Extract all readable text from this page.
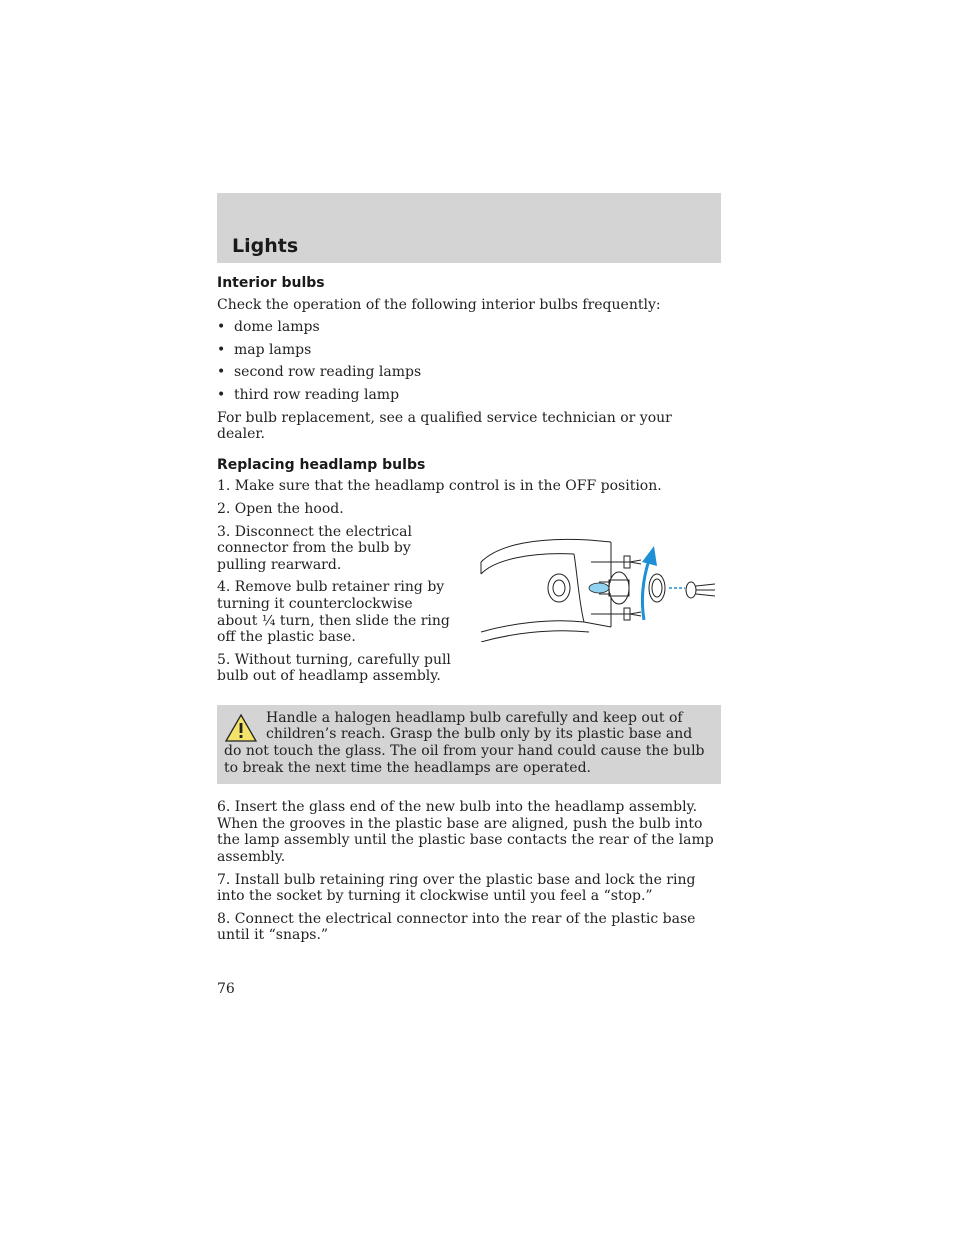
Lights
Interior bulbs

Check the operation of the following interior bulbs frequently:

• dome lamps
• map lamps
• second row reading lamps
• third row reading lamp

For bulb replacement, see a qualified service technician or your dealer.

Replacing headlamp bulbs

1. Make sure that the headlamp control is in the OFF position.

2. Open the hood.

3. Disconnect the electrical connector from the bulb by pulling rearward.

4. Remove bulb retainer ring by turning it counterclockwise about ¼ turn, then slide the ring off the plastic base.

5. Without turning, carefully pull bulb out of headlamp assembly.

Handle a halogen headlamp bulb carefully and keep out of children’s reach. Grasp the bulb only by its plastic base and do not touch the glass. The oil from your hand could cause the bulb to break the next time the headlamps are operated.

6. Insert the glass end of the new bulb into the headlamp assembly. When the grooves in the plastic base are aligned, push the bulb into the lamp assembly until the plastic base contacts the rear of the lamp assembly.

7. Install bulb retaining ring over the plastic base and lock the ring into the socket by turning it clockwise until you feel a “stop.”

8. Connect the electrical connector into the rear of the plastic base until it “snaps.”

76
